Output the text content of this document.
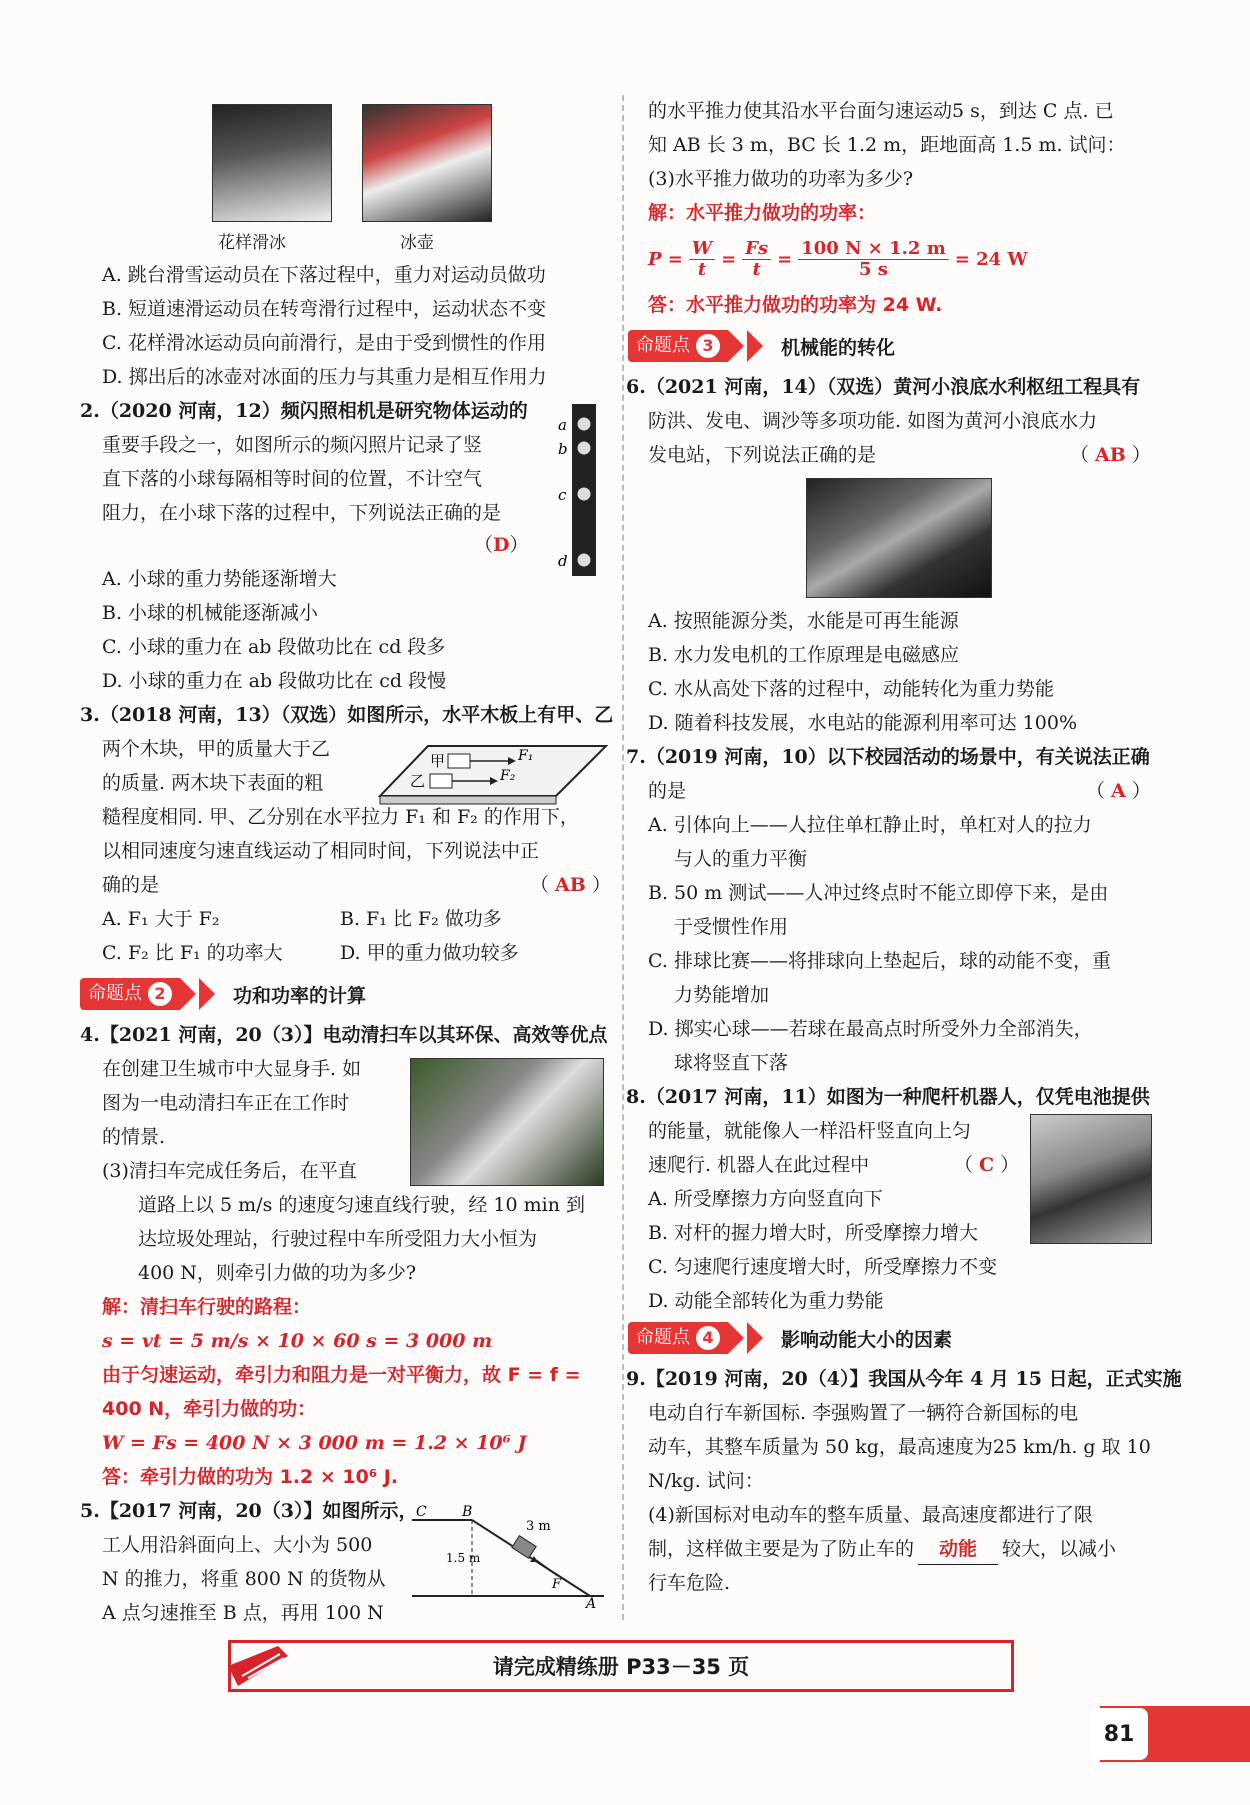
花样滑冰	冰壶
A. 跳台滑雪运动员在下落过程中，重力对运动员做功
B. 短道速滑运动员在转弯滑行过程中，运动状态不变
C. 花样滑冰运动员向前滑行，是由于受到惯性的作用
D. 掷出后的冰壶对冰面的压力与其重力是相互作用力
2.（2020 河南，12）频闪照相机是研究物体运动的
重要手段之一，如图所示的频闪照片记录了竖
直下落的小球每隔相等时间的位置，不计空气
阻力，在小球下落的过程中，下列说法正确的是
（D）
a
b
c
d
A. 小球的重力势能逐渐增大
B. 小球的机械能逐渐减小
C. 小球的重力在 ab 段做功比在 cd 段多
D. 小球的重力在 ab 段做功比在 cd 段慢
3.（2018 河南，13）（双选）如图所示，水平木板上有甲、乙
两个木块，甲的质量大于乙
的质量. 两木块下表面的粗
甲
乙
F₁
F₂
糙程度相同. 甲、乙分别在水平拉力 F₁ 和 F₂ 的作用下，
以相同速度匀速直线运动了相同时间，下列说法中正
确的是	（ AB ）
A. F₁ 大于 F₂	B. F₁ 比 F₂ 做功多
C. F₂ 比 F₁ 的功率大	D. 甲的重力做功较多
命题点 2	功和功率的计算
4.【2021 河南，20（3）】电动清扫车以其环保、高效等优点
在创建卫生城市中大显身手. 如
图为一电动清扫车正在工作时
的情景.
(3)清扫车完成任务后，在平直
道路上以 5 m/s 的速度匀速直线行驶，经 10 min 到
达垃圾处理站，行驶过程中车所受阻力大小恒为
400 N，则牵引力做的功为多少?
解：清扫车行驶的路程：
s = vt = 5 m/s × 10 × 60 s = 3 000 m
由于匀速运动，牵引力和阻力是一对平衡力，故 F = f =
400 N，牵引力做的功：
W = Fs = 400 N × 3 000 m = 1.2 × 10⁶ J
答：牵引力做的功为 1.2 × 10⁶ J.
5.【2017 河南，20（3）】如图所示，
工人用沿斜面向上、大小为 500
N 的推力，将重 800 N 的货物从
A 点匀速推至 B 点，再用 100 N
C	B
A
3 m
1.5 m
F
的水平推力使其沿水平台面匀速运动5 s，到达 C 点. 已
知 AB 长 3 m，BC 长 1.2 m，距地面高 1.5 m. 试问：
(3)水平推力做功的功率为多少?
解：水平推力做功的功率：
$P = \frac{W}{t} = \frac{Fs}{t} = \frac{100 N \times 1.2 m}{5 s} = 24$ W
答：水平推力做功的功率为 24 W.
命题点 3	机械能的转化
6.（2021 河南，14）（双选）黄河小浪底水利枢纽工程具有
防洪、发电、调沙等多项功能. 如图为黄河小浪底水力
发电站，下列说法正确的是	（ AB ）
A. 按照能源分类，水能是可再生能源
B. 水力发电机的工作原理是电磁感应
C. 水从高处下落的过程中，动能转化为重力势能
D. 随着科技发展，水电站的能源利用率可达 100%
7.（2019 河南，10）以下校园活动的场景中，有关说法正确
的是	（ A ）
A. 引体向上——人拉住单杠静止时，单杠对人的拉力
与人的重力平衡
B. 50 m 测试——人冲过终点时不能立即停下来，是由
于受惯性作用
C. 排球比赛——将排球向上垫起后，球的动能不变，重
力势能增加
D. 掷实心球——若球在最高点时所受外力全部消失，
球将竖直下落
8.（2017 河南，11）如图为一种爬杆机器人，仅凭电池提供
的能量，就能像人一样沿杆竖直向上匀
速爬行. 机器人在此过程中	（ C ）
A. 所受摩擦力方向竖直向下
B. 对杆的握力增大时，所受摩擦力增大
C. 匀速爬行速度增大时，所受摩擦力不变
D. 动能全部转化为重力势能
命题点 4	影响动能大小的因素
9.【2019 河南，20（4）】我国从今年 4 月 15 日起，正式实施
电动自行车新国标. 李强购置了一辆符合新国标的电
动车，其整车质量为 50 kg，最高速度为25 km/h. g 取 10
N/kg. 试问：
(4)新国标对电动车的整车质量、最高速度都进行了限
制，这样做主要是为了防止车的 动能 较大，以减小
行车危险.
请完成精练册 P33－35 页
81
